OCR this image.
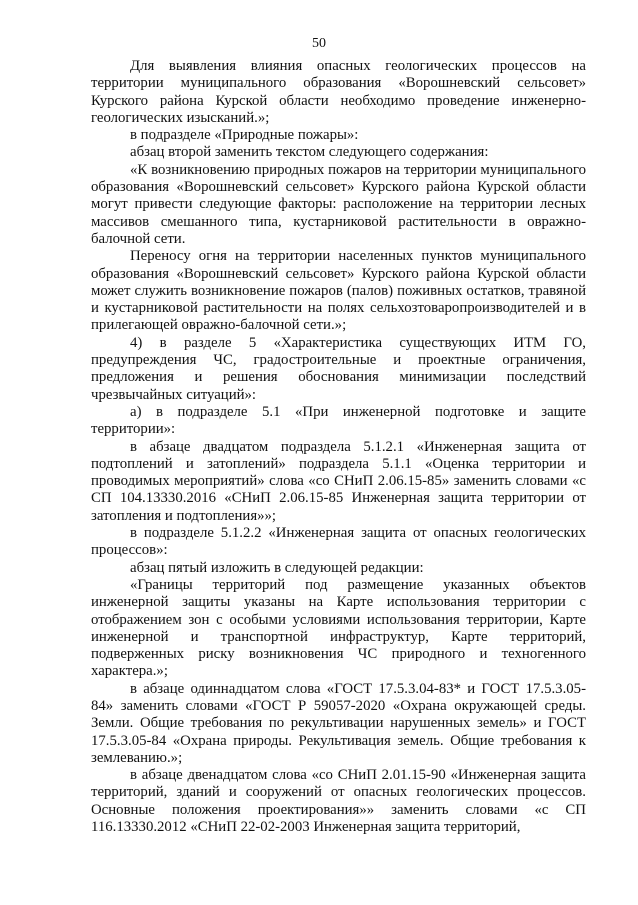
50

Для выявления влияния опасных геологических процессов на территории муниципального образования «Ворошневский сельсовет» Курского района Курской области необходимо проведение инженерно-геологических изысканий.»;

в подразделе «Природные пожары»:

абзац второй заменить текстом следующего содержания:

«К возникновению природных пожаров на территории муниципального образования «Ворошневский сельсовет» Курского района Курской области могут привести следующие факторы: расположение на территории лесных массивов смешанного типа, кустарниковой растительности в овражно-балочной сети.

Переносу огня на территории населенных пунктов муниципального образования «Ворошневский сельсовет» Курского района Курской области может служить возникновение пожаров (палов) поживных остатков, травяной и кустарниковой растительности на полях сельхозтоваропроизводителей и в прилегающей овражно-балочной сети.»;

4) в разделе 5 «Характеристика существующих ИТМ ГО, предупреждения ЧС, градостроительные и проектные ограничения, предложения и решения обоснования минимизации последствий чрезвычайных ситуаций»:

а) в подразделе 5.1 «При инженерной подготовке и защите территории»:

в абзаце двадцатом подраздела 5.1.2.1 «Инженерная защита от подтоплений и затоплений» подраздела 5.1.1 «Оценка территории и проводимых мероприятий» слова «со СНиП 2.06.15-85» заменить словами «с СП 104.13330.2016 «СНиП 2.06.15-85 Инженерная защита территории от затопления и подтопления»»;

в подразделе 5.1.2.2 «Инженерная защита от опасных геологических процессов»:

абзац пятый изложить в следующей редакции:

«Границы территорий под размещение указанных объектов инженерной защиты указаны на Карте использования территории с отображением зон с особыми условиями использования территории, Карте инженерной и транспортной инфраструктур, Карте территорий, подверженных риску возникновения ЧС природного и техногенного характера.»;

в абзаце одиннадцатом слова «ГОСТ 17.5.3.04-83* и ГОСТ 17.5.3.05-84» заменить словами «ГОСТ Р 59057-2020 «Охрана окружающей среды. Земли. Общие требования по рекультивации нарушенных земель» и ГОСТ 17.5.3.05-84 «Охрана природы. Рекультивация земель. Общие требования к землеванию.»;

в абзаце двенадцатом слова «со СНиП 2.01.15-90 «Инженерная защита территорий, зданий и сооружений от опасных геологических процессов. Основные положения проектирования»» заменить словами «с СП 116.13330.2012 «СНиП 22-02-2003 Инженерная защита территорий,
